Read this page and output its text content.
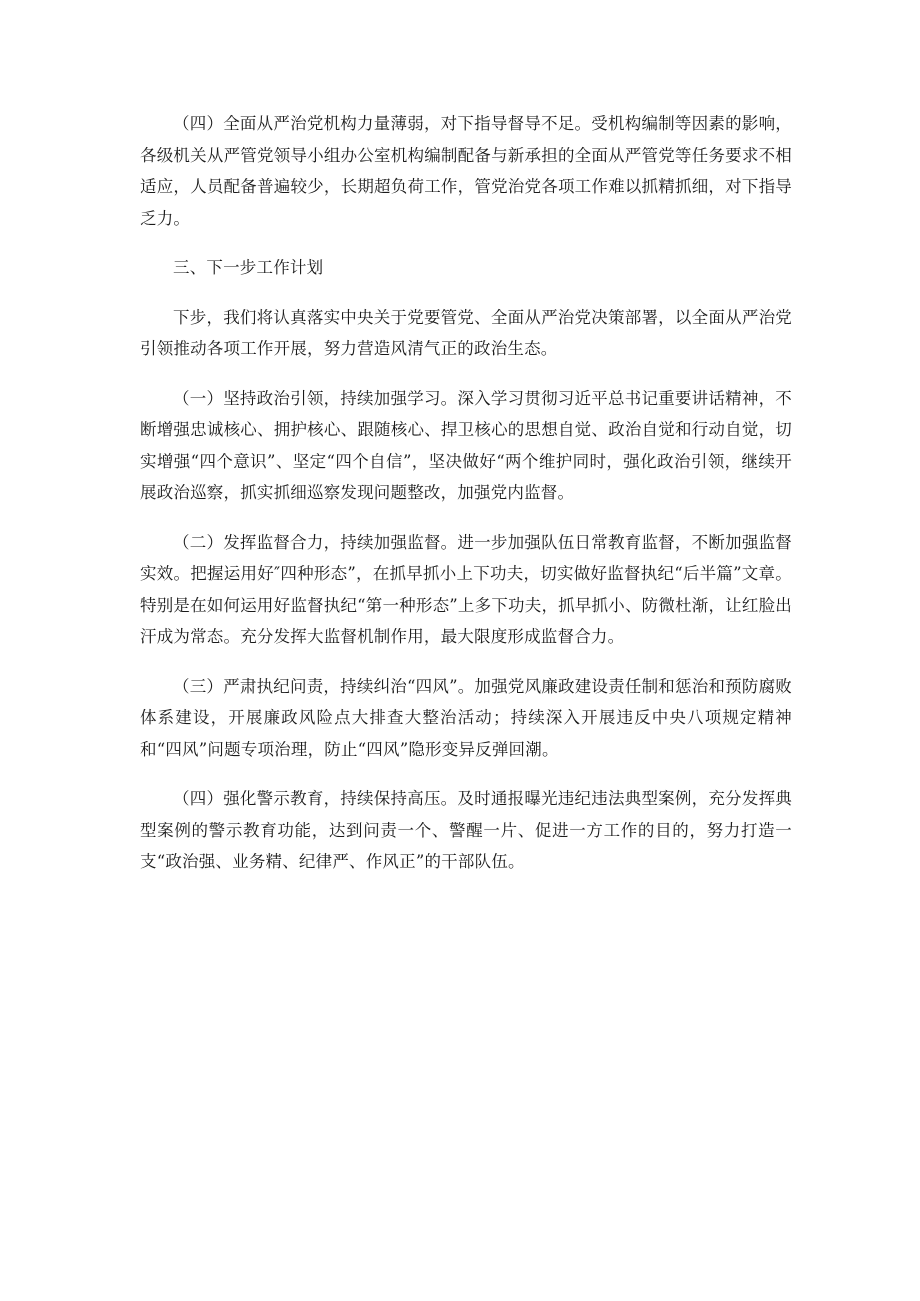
（四）全面从严治党机构力量薄弱，对下指导督导不足。受机构编制等因素的影响，各级机关从严管党领导小组办公室机构编制配备与新承担的全面从严管党等任务要求不相适应，人员配备普遍较少，长期超负荷工作，管党治党各项工作难以抓精抓细，对下指导乏力。

三、下一步工作计划

下步，我们将认真落实中央关于党要管党、全面从严治党决策部署，以全面从严治党引领推动各项工作开展，努力营造风清气正的政治生态。

（一）坚持政治引领，持续加强学习。深入学习贯彻习近平总书记重要讲话精神，不断增强忠诚核心、拥护核心、跟随核心、捍卫核心的思想自觉、政治自觉和行动自觉，切实增强“四个意识”、坚定“四个自信”，坚决做好“两个维护同时，强化政治引领，继续开展政治巡察，抓实抓细巡察发现问题整改，加强党内监督。

（二）发挥监督合力，持续加强监督。进一步加强队伍日常教育监督，不断加强监督实效。把握运用好″四种形态”，在抓早抓小上下功夫，切实做好监督执纪“后半篇”文章。特别是在如何运用好监督执纪“第一种形态”上多下功夫，抓早抓小、防微杜渐，让红脸出汗成为常态。充分发挥大监督机制作用，最大限度形成监督合力。

（三）严肃执纪问责，持续纠治“四风”。加强党风廉政建设责任制和惩治和预防腐败体系建设，开展廉政风险点大排查大整治活动；持续深入开展违反中央八项规定精神和“四风”问题专项治理，防止“四风”隐形变异反弹回潮。

（四）强化警示教育，持续保持高压。及时通报曝光违纪违法典型案例，充分发挥典型案例的警示教育功能，达到问责一个、警醒一片、促进一方工作的目的，努力打造一支“政治强、业务精、纪律严、作风正”的干部队伍。
